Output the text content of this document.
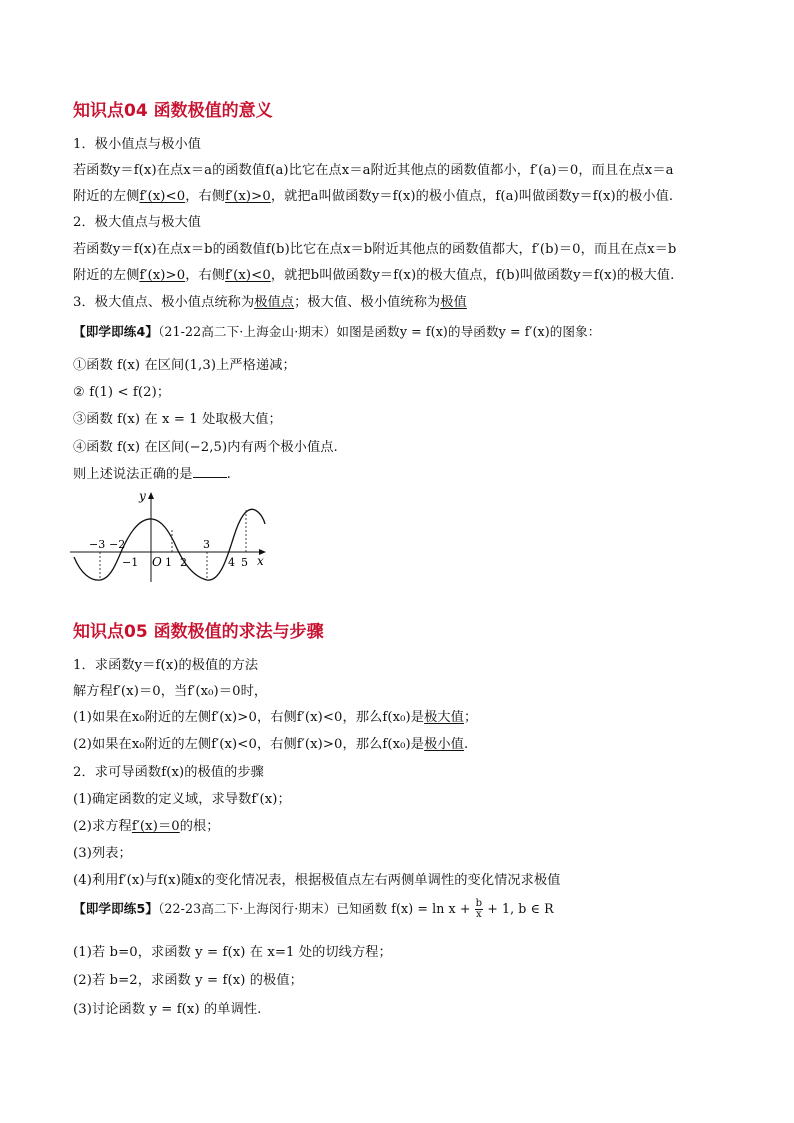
知识点04 函数极值的意义
1．极小值点与极小值
若函数y＝f(x)在点x＝a的函数值f(a)比它在点x＝a附近其他点的函数值都小，f′(a)＝0，而且在点x＝a
附近的左侧f′(x)<0，右侧f′(x)>0，就把a叫做函数y＝f(x)的极小值点，f(a)叫做函数y＝f(x)的极小值.
2．极大值点与极大值
若函数y＝f(x)在点x＝b的函数值f(b)比它在点x＝b附近其他点的函数值都大，f′(b)＝0，而且在点x＝b
附近的左侧f′(x)>0，右侧f′(x)<0，就把b叫做函数y＝f(x)的极大值点，f(b)叫做函数y＝f(x)的极大值.
3．极大值点、极小值点统称为极值点；极大值、极小值统称为极值
【即学即练4】（21-22高二下·上海金山·期末）如图是函数y = f(x)的导函数y = f′(x)的图象：
①函数 f(x) 在区间(1,3)上严格递减；
② f(1) < f(2)；
③函数 f(x) 在 x = 1 处取极大值；
④函数 f(x) 在区间(−2,5)内有两个极小值点.
则上述说法正确的是	.
y
x
O
−3 −2
−1 1 2
3
4 5
知识点05 函数极值的求法与步骤
1．求函数y＝f(x)的极值的方法
解方程f′(x)＝0，当f′(x₀)＝0时，
(1)如果在x₀附近的左侧f′(x)>0，右侧f′(x)<0，那么f(x₀)是极大值；
(2)如果在x₀附近的左侧f′(x)<0，右侧f′(x)>0，那么f(x₀)是极小值.
2．求可导函数f(x)的极值的步骤
(1)确定函数的定义域，求导数f′(x)；
(2)求方程f′(x)＝0的根；
(3)列表；
(4)利用f′(x)与f(x)随x的变化情况表，根据极值点左右两侧单调性的变化情况求极值
【即学即练5】（22-23高二下·上海闵行·期末）已知函数 $f(x) = \ln x + \frac{b}{x} + 1$, b ∈ R
(1)若 b=0，求函数 y = f(x) 在 x=1 处的切线方程；
(2)若 b=2，求函数 y = f(x) 的极值；
(3)讨论函数 y = f(x) 的单调性.
